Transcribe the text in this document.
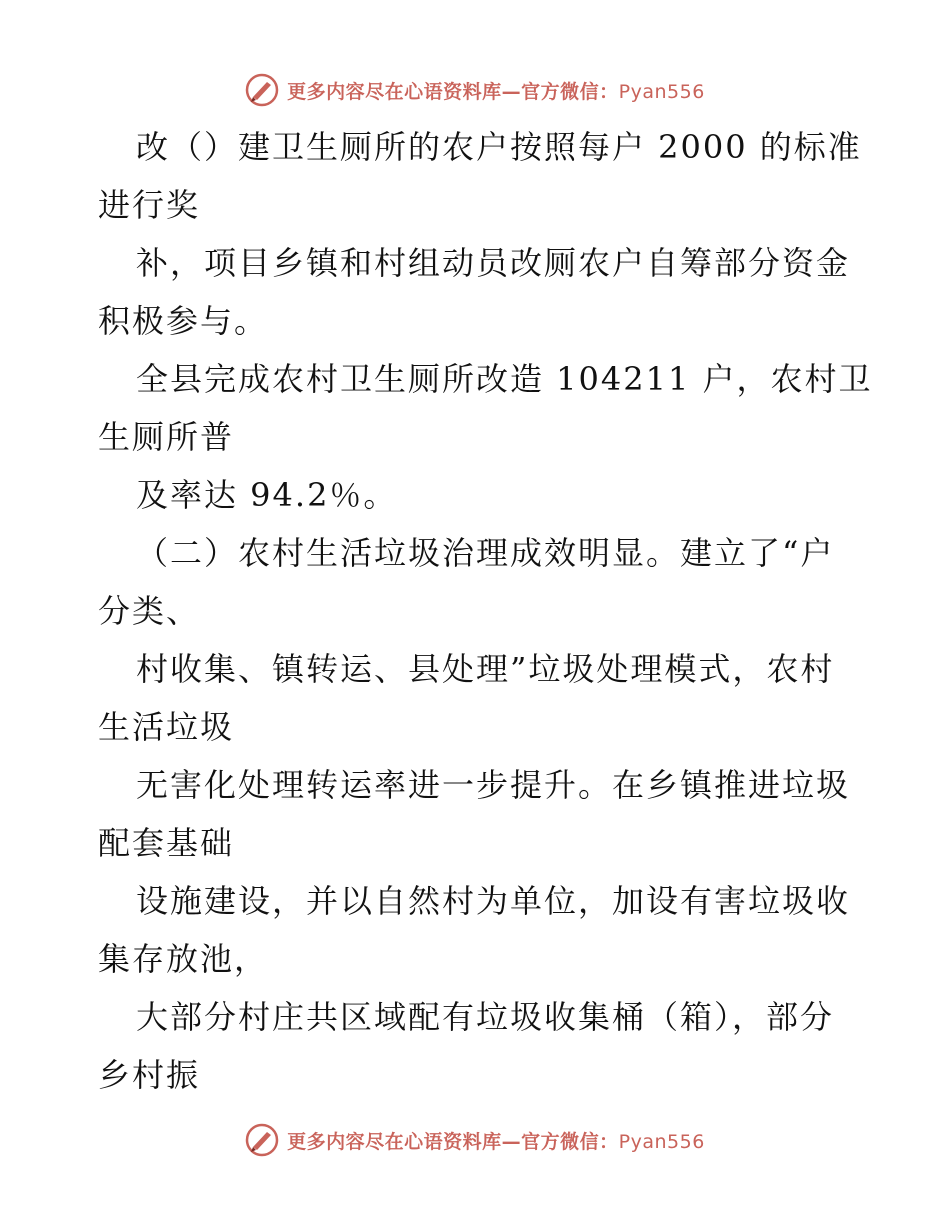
更多内容尽在心语资料库—官方微信：Pyan556
改（）建卫生厕所的农户按照每户 2000 的标准
进行奖
补，项目乡镇和村组动员改厕农户自筹部分资金
积极参与。
全县完成农村卫生厕所改造 104211 户，农村卫
生厕所普
及率达 94.2％。
（二）农村生活垃圾治理成效明显。建立了“户
分类、
村收集、镇转运、县处理”垃圾处理模式，农村
生活垃圾
无害化处理转运率进一步提升。在乡镇推进垃圾
配套基础
设施建设，并以自然村为单位，加设有害垃圾收
集存放池，
大部分村庄共区域配有垃圾收集桶（箱），部分
乡村振
更多内容尽在心语资料库—官方微信：Pyan556
